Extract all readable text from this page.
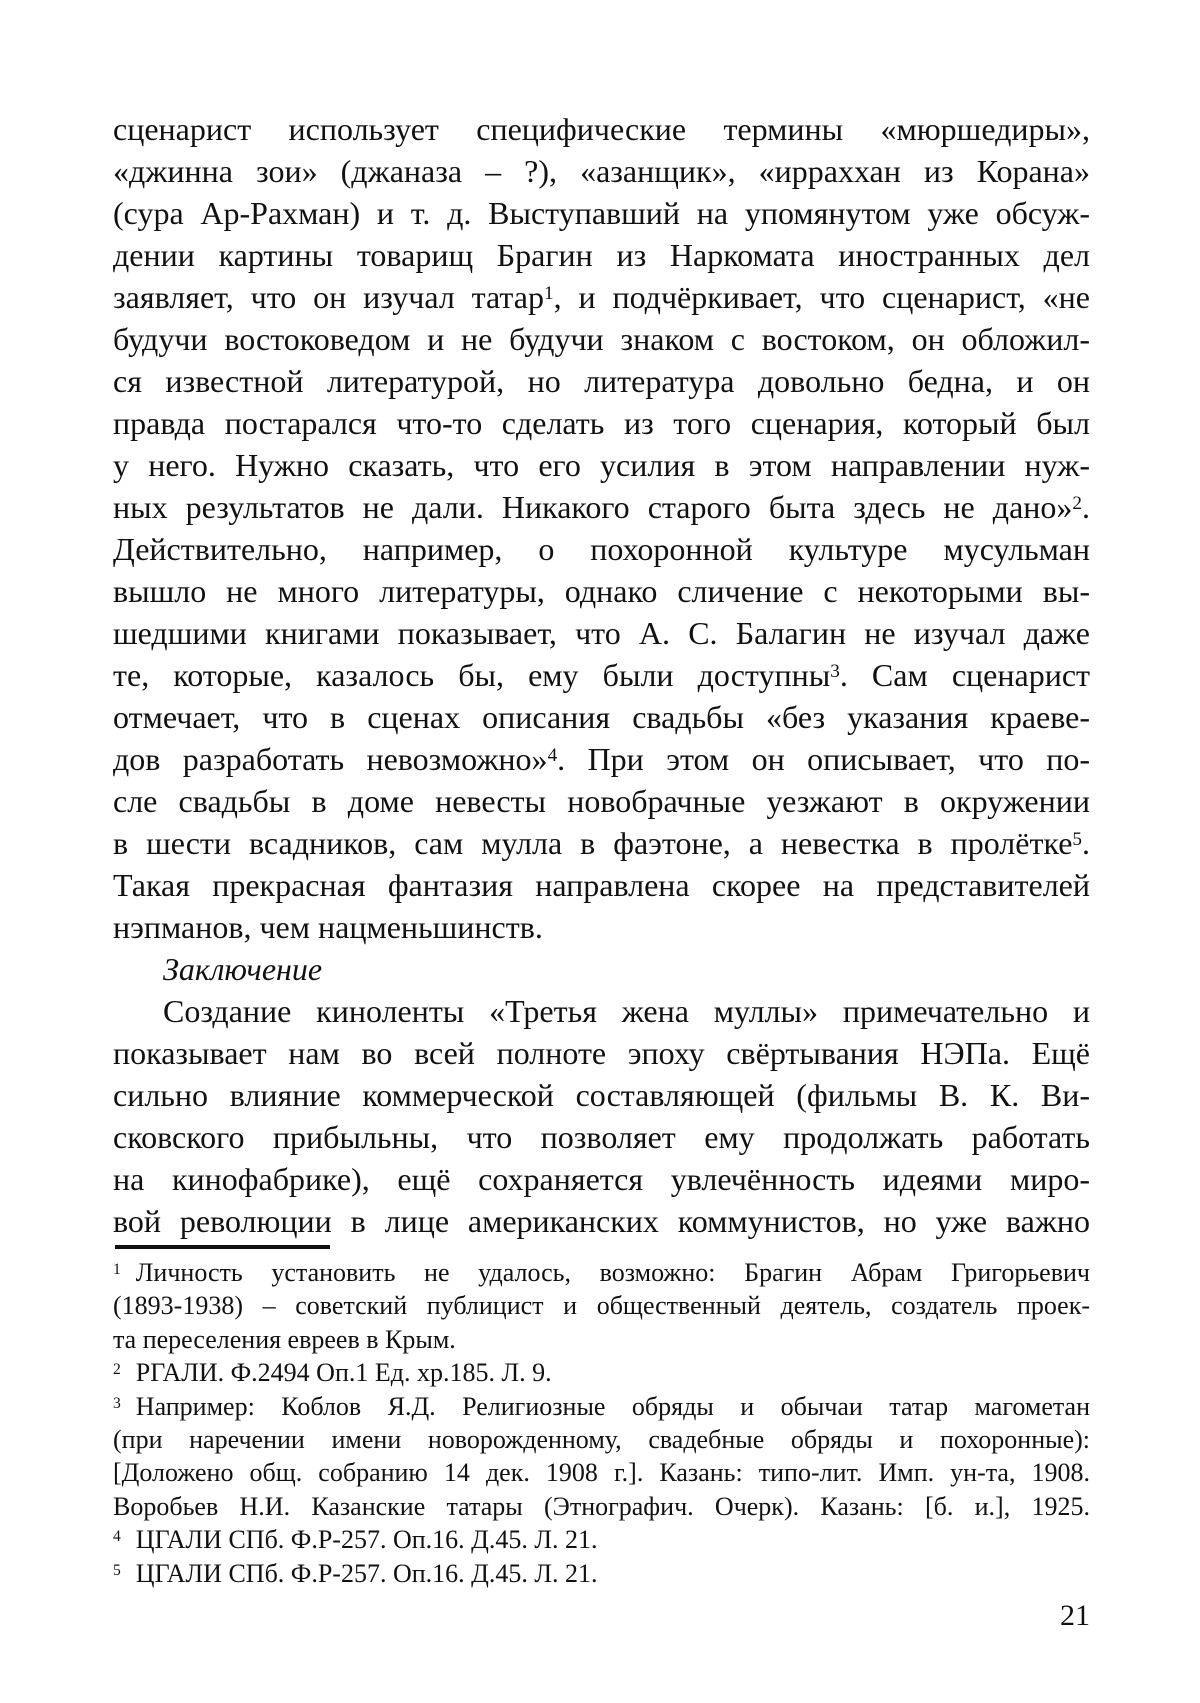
сценарист использует специфические термины «мюршедиры»,
«джинна зои» (джаназа – ?), «азанщик», «ирраххан из Корана»
(сура Ар-Рахман) и т. д. Выступавший на упомянутом уже обсуж-
дении картины товарищ Брагин из Наркомата иностранных дел
заявляет, что он изучал татар$^1$, и подчёркивает, что сценарист, «не
будучи востоковедом и не будучи знаком с востоком, он обложил-
ся известной литературой, но литература довольно бедна, и он
правда постарался что-то сделать из того сценария, который был
у него. Нужно сказать, что его усилия в этом направлении нуж-
ных результатов не дали. Никакого старого быта здесь не дано»$^2$.
Действительно, например, о похоронной культуре мусульман
вышло не много литературы, однако сличение с некоторыми вы-
шедшими книгами показывает, что А. С. Балагин не изучал даже
те, которые, казалось бы, ему были доступны$^3$. Сам сценарист
отмечает, что в сценах описания свадьбы «без указания краеве-
дов разработать невозможно»$^4$. При этом он описывает, что по-
сле свадьбы в доме невесты новобрачные уезжают в окружении
в шести всадников, сам мулла в фаэтоне, а невестка в пролётке$^5$.
Такая прекрасная фантазия направлена скорее на представителей
нэпманов, чем нацменьшинств.
Заключение
Создание киноленты «Третья жена муллы» примечательно и
показывает нам во всей полноте эпоху свёртывания НЭПа. Ещё
сильно влияние коммерческой составляющей (фильмы В. К. Ви-
сковского прибыльны, что позволяет ему продолжать работать
на кинофабрике), ещё сохраняется увлечённость идеями миро-
вой революции в лице американских коммунистов, но уже важно
$^1$ Личность установить не удалось, возможно: Брагин Абрам Григорьевич
(1893-1938) – советский публицист и общественный деятель, создатель проек-
та переселения евреев в Крым.
$^2$ РГАЛИ. Ф.2494 Оп.1 Ед. хр.185. Л. 9.
$^3$ Например: Коблов Я.Д. Религиозные обряды и обычаи татар магометан
(при наречении имени новорожденному, свадебные обряды и похоронные):
[Доложено общ. собранию 14 дек. 1908 г.]. Казань: типо-лит. Имп. ун-та, 1908.
Воробьев Н.И. Казанские татары (Этнографич. Очерк). Казань: [б. и.], 1925.
$^4$ ЦГАЛИ СПб. Ф.Р-257. Оп.16. Д.45. Л. 21.
$^5$ ЦГАЛИ СПб. Ф.Р-257. Оп.16. Д.45. Л. 21.
21
